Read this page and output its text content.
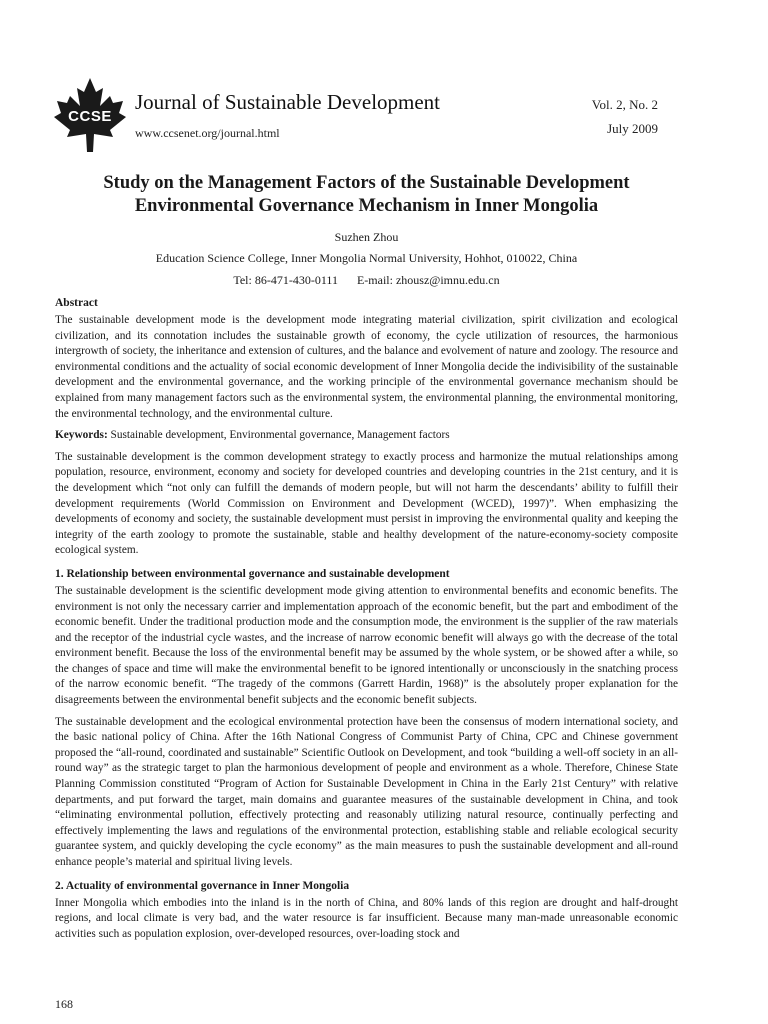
CCSE
Journal of Sustainable Development
www.ccsenet.org/journal.html
Vol. 2, No. 2
July 2009
Study on the Management Factors of the Sustainable Development
Environmental Governance Mechanism in Inner Mongolia
Suzhen Zhou
Education Science College, Inner Mongolia Normal University, Hohhot, 010022, China
Tel: 86-471-430-0111 E-mail: zhousz@imnu.edu.cn
Abstract

The sustainable development mode is the development mode integrating material civilization, spirit civilization and ecological civilization, and its connotation includes the sustainable growth of economy, the cycle utilization of resources, the harmonious intergrowth of society, the inheritance and extension of cultures, and the balance and evolvement of nature and zoology. The resource and environmental conditions and the actuality of social economic development of Inner Mongolia decide the indivisibility of the sustainable development and the environmental governance, and the working principle of the environmental governance mechanism should be explained from many management factors such as the environmental system, the environmental planning, the environmental monitoring, the environmental technology, and the environmental culture.

Keywords: Sustainable development, Environmental governance, Management factors

The sustainable development is the common development strategy to exactly process and harmonize the mutual relationships among population, resource, environment, economy and society for developed countries and developing countries in the 21st century, and it is the development which “not only can fulfill the demands of modern people, but will not harm the descendants’ ability to fulfill their development requirements (World Commission on Environment and Development (WCED), 1997)”. When emphasizing the developments of economy and society, the sustainable development must persist in improving the environmental quality and keeping the integrity of the earth zoology to promote the sustainable, stable and healthy development of the nature-economy-society composite ecological system.

1. Relationship between environmental governance and sustainable development

The sustainable development is the scientific development mode giving attention to environmental benefits and economic benefits. The environment is not only the necessary carrier and implementation approach of the economic benefit, but the part and embodiment of the economic benefit. Under the traditional production mode and the consumption mode, the environment is the supplier of the raw materials and the receptor of the industrial cycle wastes, and the increase of narrow economic benefit will always go with the decrease of the total environment benefit. Because the loss of the environmental benefit may be assumed by the whole system, or be showed after a while, so the changes of space and time will make the environmental benefit to be ignored intentionally or unconsciously in the snatching process of the narrow economic benefit. “The tragedy of the commons (Garrett Hardin, 1968)” is the absolutely proper explanation for the disagreements between the environmental benefit subjects and the economic benefit subjects.

The sustainable development and the ecological environmental protection have been the consensus of modern international society, and the basic national policy of China. After the 16th National Congress of Communist Party of China, CPC and Chinese government proposed the “all-round, coordinated and sustainable” Scientific Outlook on Development, and took “building a well-off society in an all-round way” as the strategic target to plan the harmonious development of people and environment as a whole. Therefore, Chinese State Planning Commission constituted “Program of Action for Sustainable Development in China in the Early 21st Century” with relative departments, and put forward the target, main domains and guarantee measures of the sustainable development in China, and took “eliminating environmental pollution, effectively protecting and reasonably utilizing natural resource, continually perfecting and effectively implementing the laws and regulations of the environmental protection, establishing stable and reliable ecological security guarantee system, and quickly developing the cycle economy” as the main measures to push the sustainable development and all-round enhance people’s material and spiritual living levels.

2. Actuality of environmental governance in Inner Mongolia

Inner Mongolia which embodies into the inland is in the north of China, and 80% lands of this region are drought and half-drought regions, and local climate is very bad, and the water resource is far insufficient. Because many man-made unreasonable economic activities such as population explosion, over-developed resources, over-loading stock and

168
